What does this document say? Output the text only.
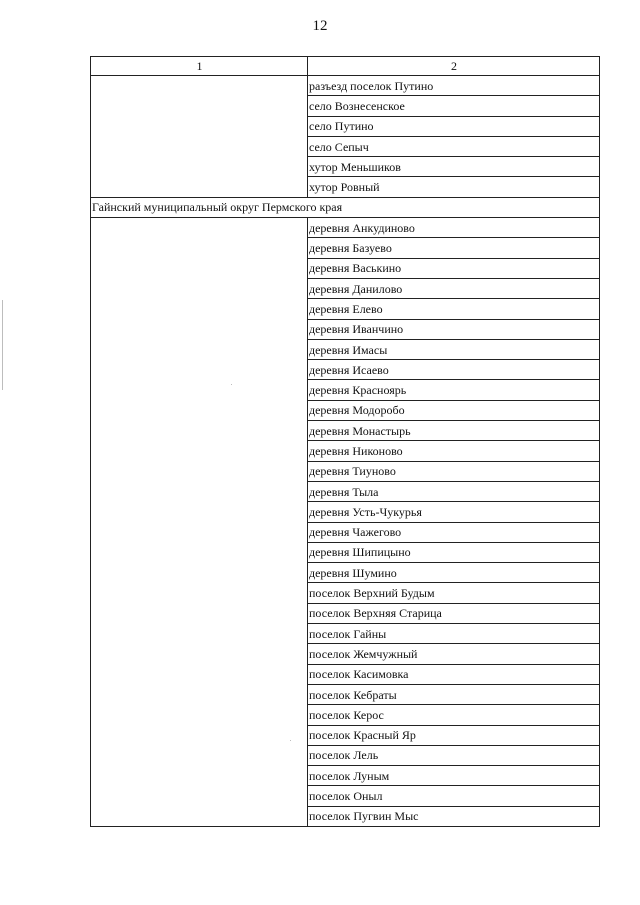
12
1	2
	разъезд поселок Путино
	село Вознесенское
	село Путино
	село Сепыч
	хутор Меньшиков
	хутор Ровный
Гайнский муниципальный округ Пермского края	
	деревня Анкудиново
	деревня Базуево
	деревня Васькино
	деревня Данилово
	деревня Елево
	деревня Иванчино
	деревня Имасы
	деревня Исаево
	деревня Красноярь
	деревня Модоробо
	деревня Монастырь
	деревня Никоново
	деревня Тиуново
	деревня Тыла
	деревня Усть-Чукурья
	деревня Чажегово
	деревня Шипицыно
	деревня Шумино
	поселок Верхний Будым
	поселок Верхняя Старица
	поселок Гайны
	поселок Жемчужный
	поселок Касимовка
	поселок Кебраты
	поселок Керос
	поселок Красный Яр
	поселок Лель
	поселок Луным
	поселок Оныл
	поселок Пугвин Мыс
